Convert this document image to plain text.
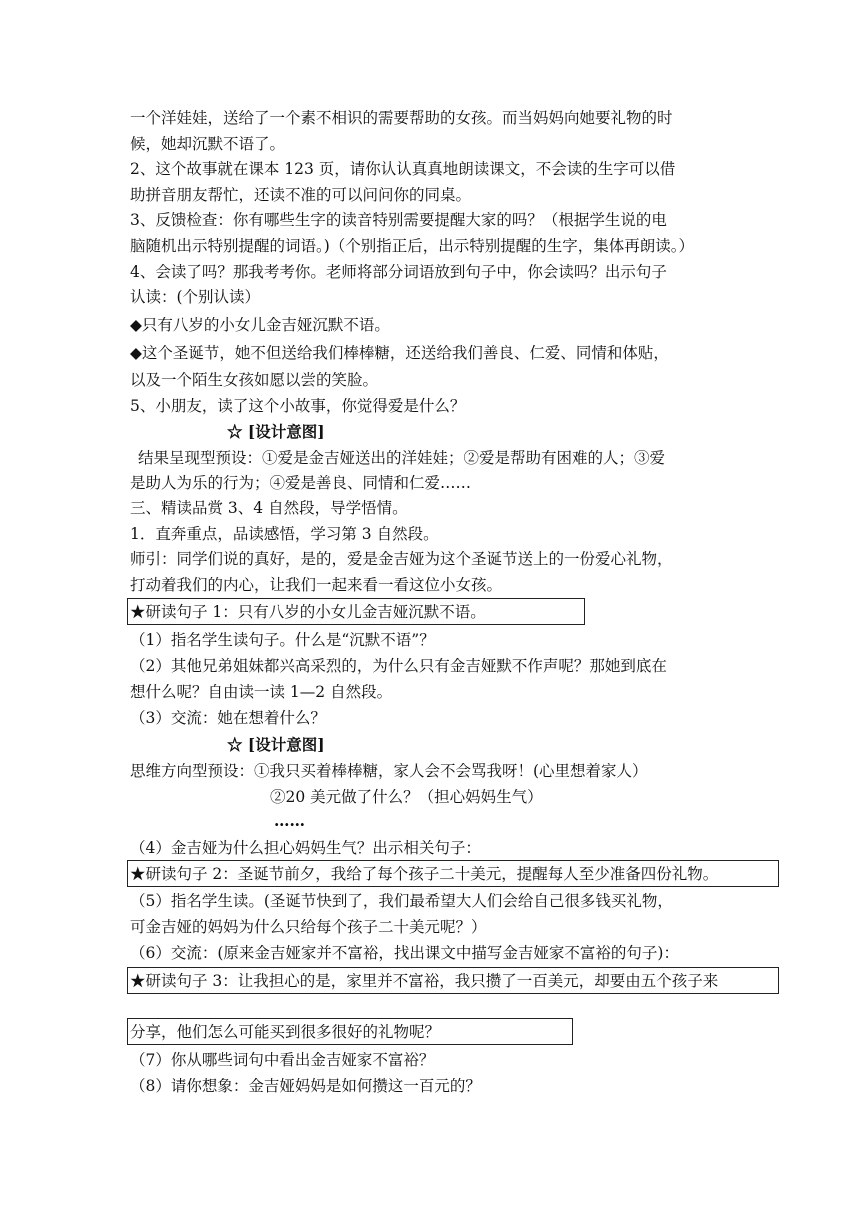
一个洋娃娃，送给了一个素不相识的需要帮助的女孩。而当妈妈向她要礼物的时
候，她却沉默不语了。
2、这个故事就在课本 123 页，请你认认真真地朗读课文，不会读的生字可以借
助拼音朋友帮忙，还读不准的可以问问你的同桌。
3、反馈检查：你有哪些生字的读音特别需要提醒大家的吗？（根据学生说的电
脑随机出示特别提醒的词语。)（个别指正后，出示特别提醒的生字，集体再朗读。）
4、会读了吗？那我考考你。老师将部分词语放到句子中，你会读吗？出示句子
认读：(个别认读）
◆只有八岁的小女儿金吉娅沉默不语。
◆这个圣诞节，她不但送给我们棒棒糖，还送给我们善良、仁爱、同情和体贴，
以及一个陌生女孩如愿以尝的笑脸。
5、小朋友，读了这个小故事，你觉得爱是什么？
☆ [设计意图]
结果呈现型预设：①爱是金吉娅送出的洋娃娃；②爱是帮助有困难的人；③爱
是助人为乐的行为；④爱是善良、同情和仁爱……
三、精读品赏 3、4 自然段，导学悟情。
1．直奔重点，品读感悟，学习第 3 自然段。
师引：同学们说的真好，是的，爱是金吉娅为这个圣诞节送上的一份爱心礼物，
打动着我们的内心，让我们一起来看一看这位小女孩。
★研读句子 1：只有八岁的小女儿金吉娅沉默不语。
（1）指名学生读句子。什么是“沉默不语”？
（2）其他兄弟姐妹都兴高采烈的，为什么只有金吉娅默不作声呢？那她到底在
想什么呢？自由读一读 1—2 自然段。
（3）交流：她在想着什么？
☆ [设计意图]
思维方向型预设：①我只买着棒棒糖，家人会不会骂我呀！(心里想着家人）
②20 美元做了什么？（担心妈妈生气）
……
（4）金吉娅为什么担心妈妈生气？出示相关句子：
★研读句子 2：圣诞节前夕，我给了每个孩子二十美元，提醒每人至少准备四份礼物。
（5）指名学生读。(圣诞节快到了，我们最希望大人们会给自己很多钱买礼物，
可金吉娅的妈妈为什么只给每个孩子二十美元呢？）
（6）交流：(原来金吉娅家并不富裕，找出课文中描写金吉娅家不富裕的句子)：
★研读句子 3：让我担心的是，家里并不富裕，我只攒了一百美元，却要由五个孩子来
分享，他们怎么可能买到很多很好的礼物呢？
（7）你从哪些词句中看出金吉娅家不富裕？
（8）请你想象：金吉娅妈妈是如何攒这一百元的？
